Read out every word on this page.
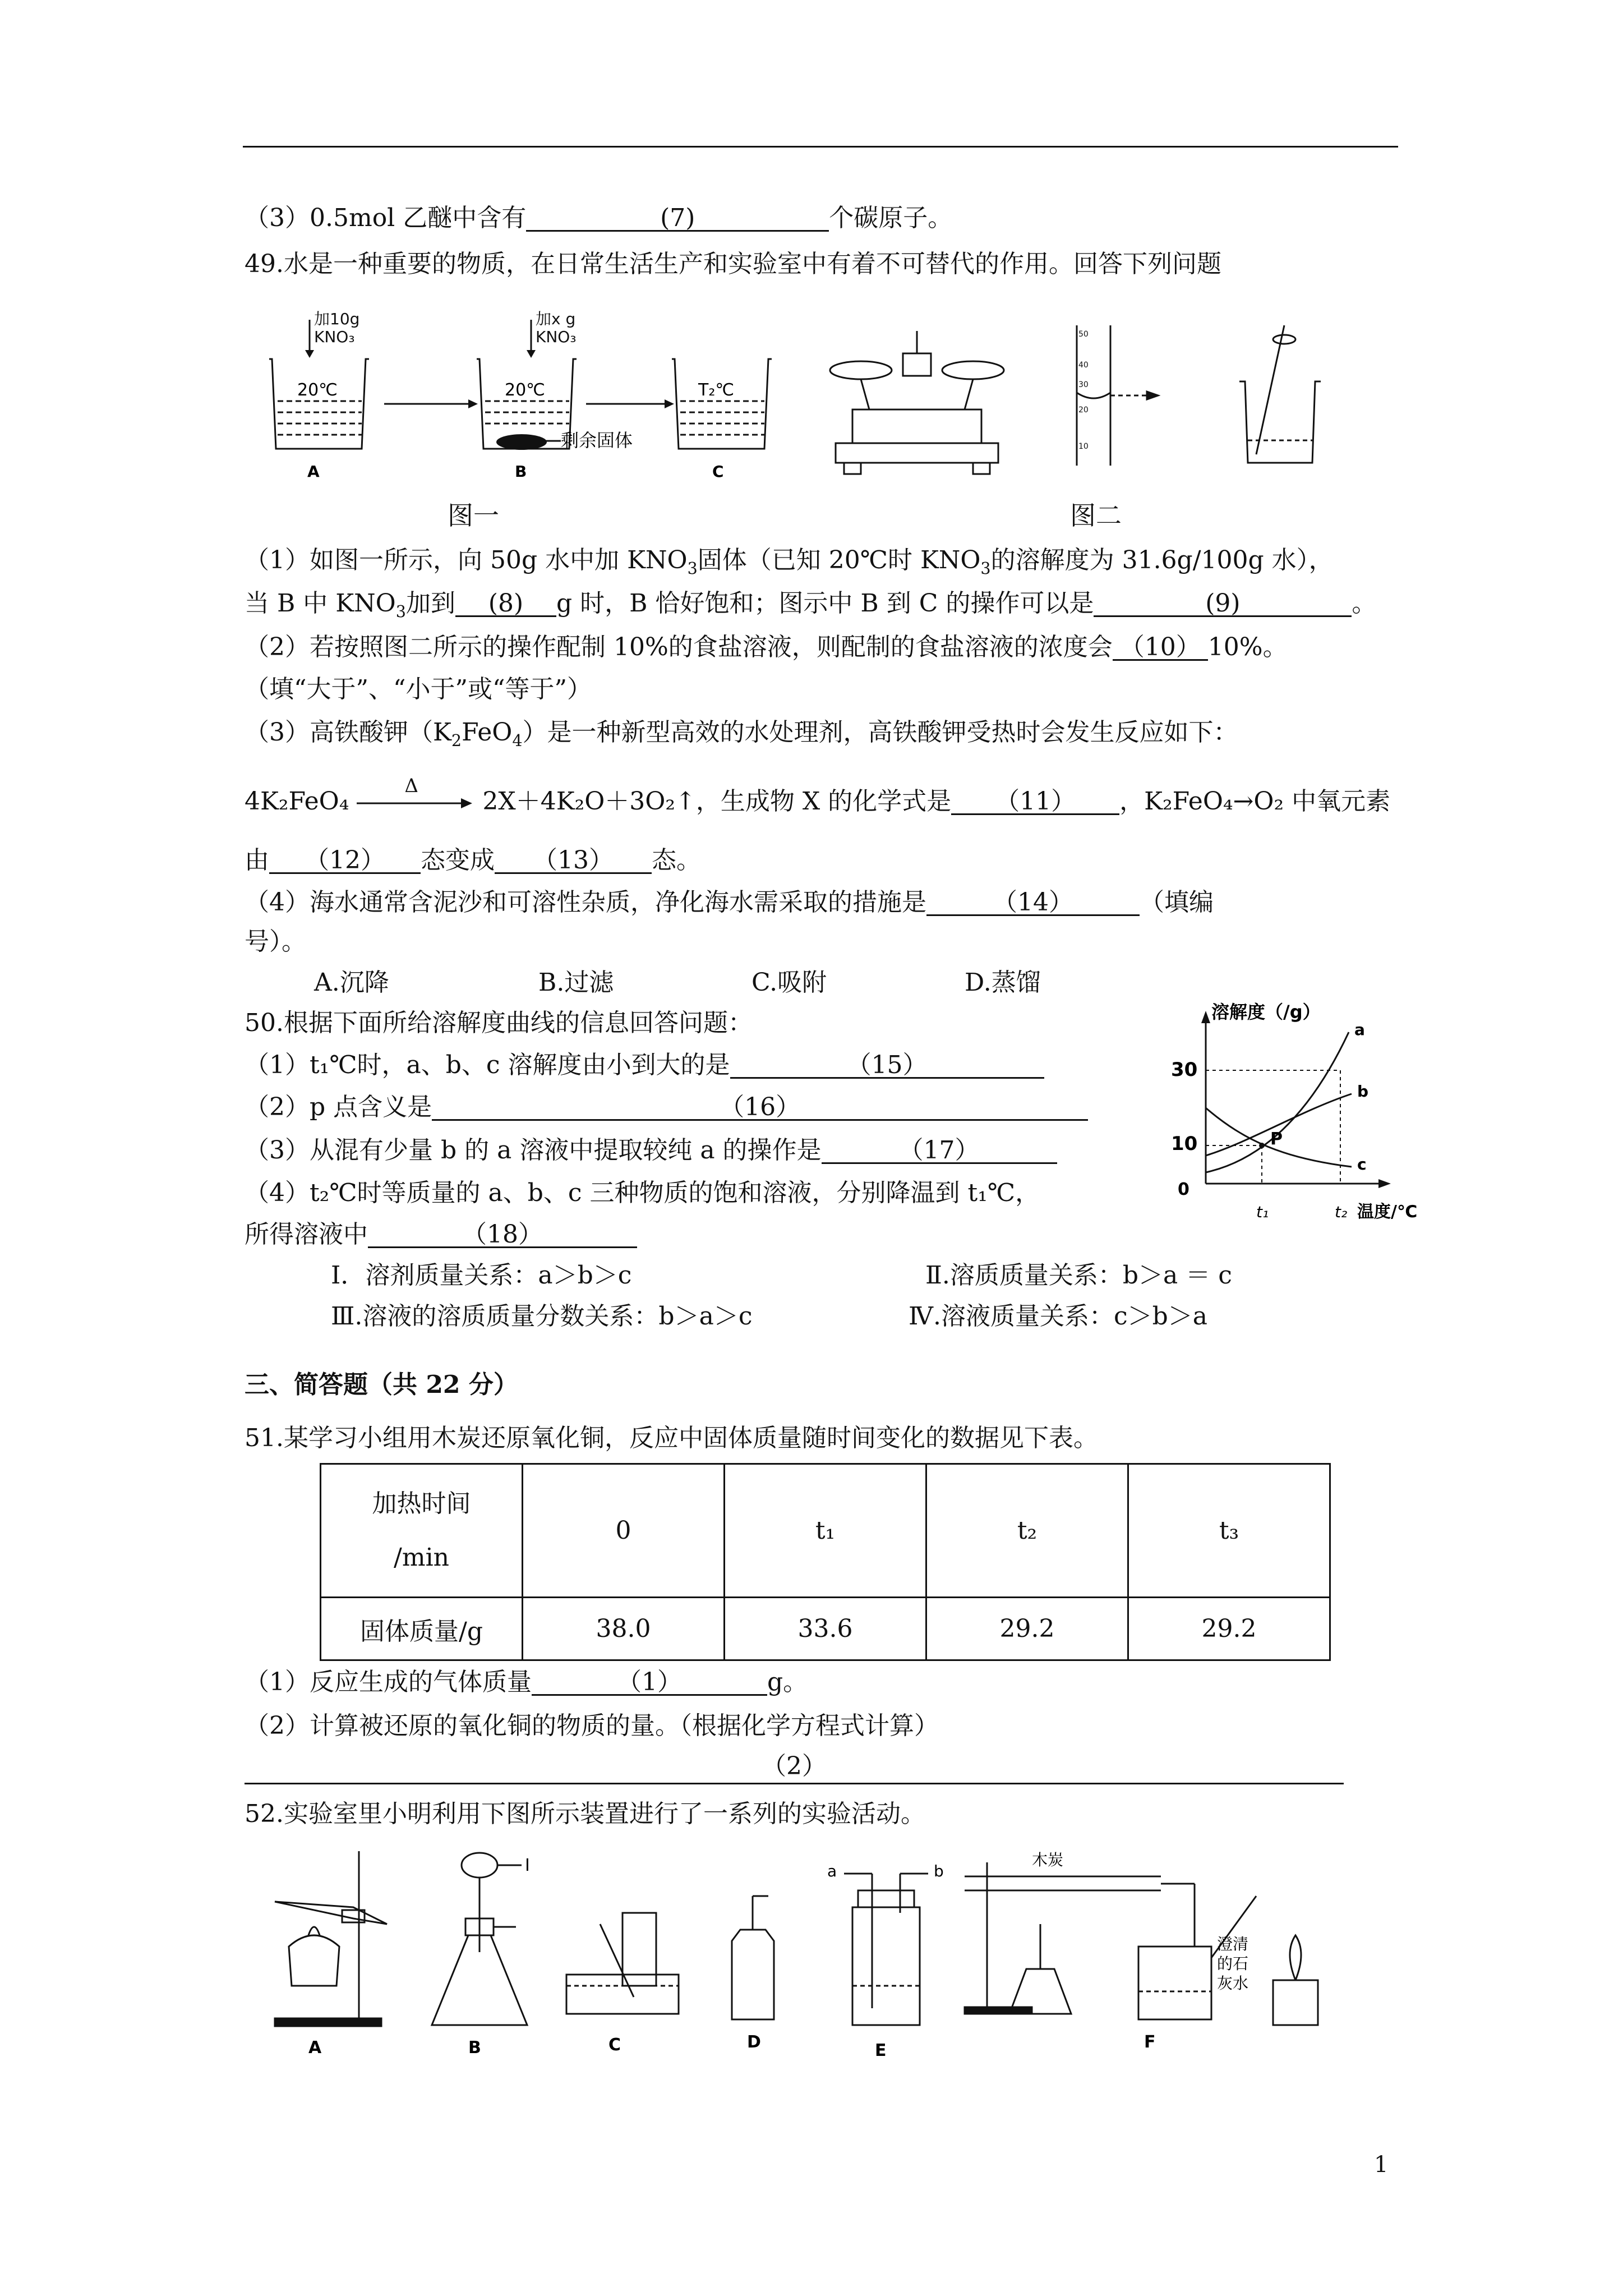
（3）0.5mol 乙醚中含有	(7)	个碳原子。
49.水是一种重要的物质，在日常生活生产和实验室中有着不可替代的作用。回答下列问题
加10g
KNO₃
加x g
KNO₃
20℃	20℃
剩余固体
T₂℃
A	B	C
50
40
30
20
10
图一	图二
（1）如图一所示，向 50g 水中加 $KNO_3$固体（已知 20℃时 $KNO_3$的溶解度为 31.6g/100g 水），
当 B 中 $KNO_3$加到 (8) g 时，B 恰好饱和；图示中 B 到 C 的操作可以是	(9)	。
（2）若按照图二所示的操作配制 10%的食盐溶液，则配制的食盐溶液的浓度会 （10） 10%。
（填“大于”、“小于”或“等于”）
（3）高铁酸钾$(K_2FeO_4)$是一种新型高效的水处理剂，高铁酸钾受热时会发生反应如下：
4K₂FeO₄
Δ
2X＋4K₂O＋3O₂↑，生成物 X 的化学式是 （11） ，K₂FeO₄→O₂ 中氧元素
由 （12） 态变成 （13） 态。
（4）海水通常含泥沙和可溶性杂质，净化海水需采取的措施是	（14）	（填编
号）。
A.沉降	B.过滤	C.吸附	D.蒸馏
50.根据下面所给溶解度曲线的信息回答问题：
（1）t₁℃时，a、b、c 溶解度由小到大的是	（15）
（2）p 点含义是	（16）
（3）从混有少量 b 的 a 溶液中提取较纯 a 的操作是	（17）
（4）t₂℃时等质量的 a、b、c 三种物质的饱和溶液，分别降温到 t₁℃，
所得溶液中	（18）
Ⅰ．溶剂质量关系：a＞b＞c	Ⅱ.溶质质量关系：b＞a ＝ c
Ⅲ.溶液的溶质质量分数关系：b＞a＞c	Ⅳ.溶液质量关系：c＞b＞a
溶解度（/g）
温度/℃
30
10
0
P
a
b
c
t₁	t₂
三、简答题（共 22 分）
51.某学习小组用木炭还原氧化铜，反应中固体质量随时间变化的数据见下表。
加热时间
/min	0	t₁	t₂	t₃
固体质量/g	38.0	33.6	29.2	29.2
（1）反应生成的气体质量	（1）	g。
（2）计算被还原的氧化铜的物质的量。（根据化学方程式计算）
（2）
52.实验室里小明利用下图所示装置进行了一系列的实验活动。
A
I
B	C	D
a	b
E
木炭
澄清
的石
灰水
F
1
